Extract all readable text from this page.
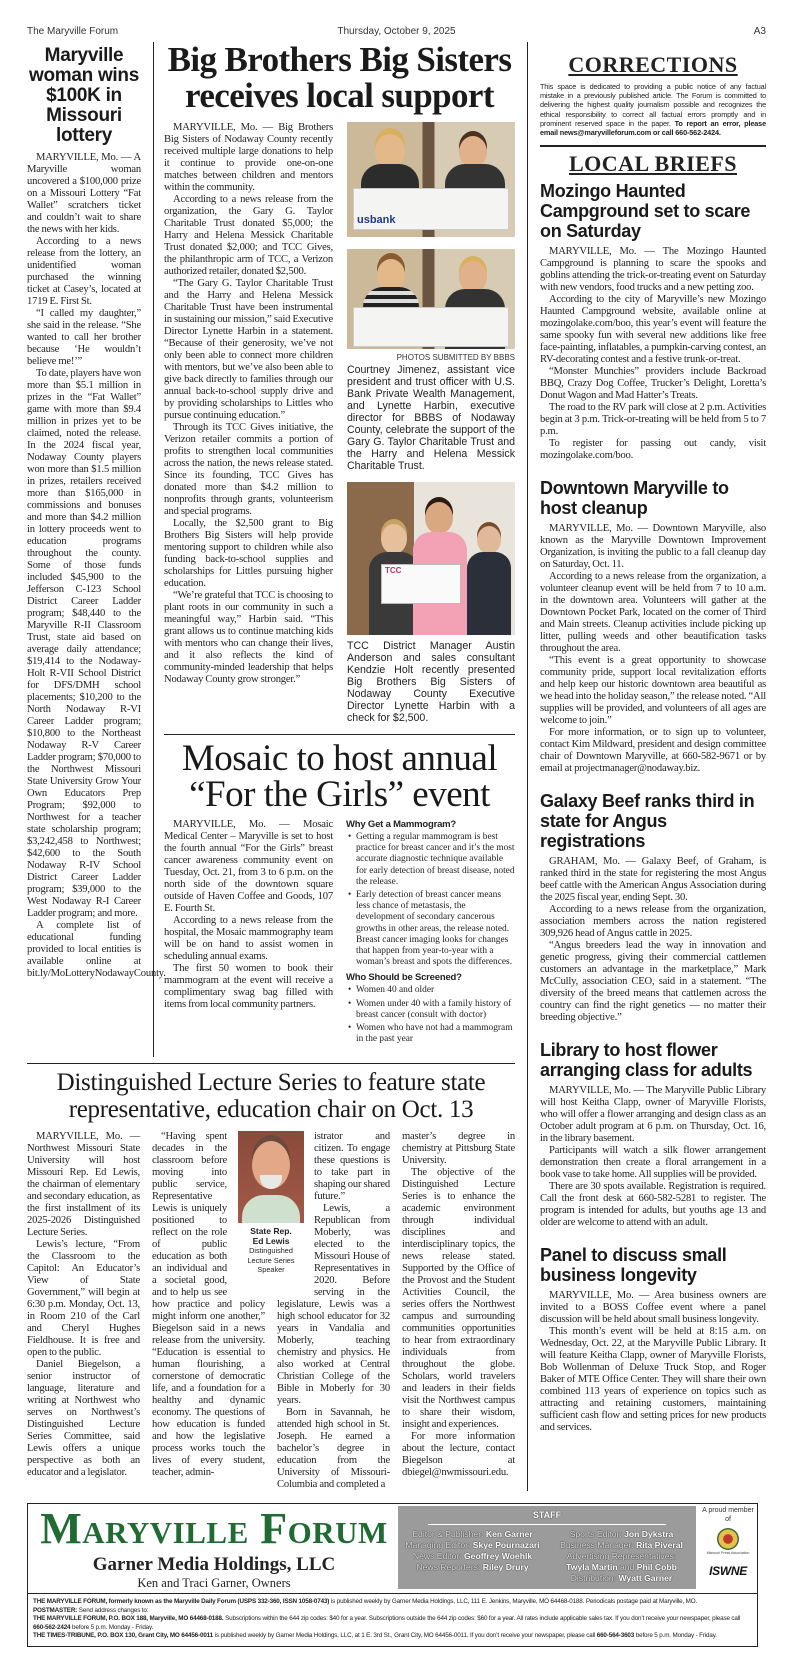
The Maryville Forum	Thursday, October 9, 2025	A3
Maryville woman wins $100K in Missouri lottery

MARYVILLE, Mo. — A Maryville woman uncovered a $100,000 prize on a Missouri Lottery “Fat Wallet” scratchers ticket and couldn’t wait to share the news with her kids.

According to a news release from the lottery, an unidentified woman purchased the winning ticket at Casey’s, located at 1719 E. First St.

“I called my daughter,” she said in the release. “She wanted to call her brother because ‘He wouldn’t believe me!’”

To date, players have won more than $5.1 million in prizes in the “Fat Wallet” game with more than $9.4 million in prizes yet to be claimed, noted the release. In the 2024 fiscal year, Nodaway County players won more than $1.5 million in prizes, retailers received more than $165,000 in commissions and bonuses and more than $4.2 million in lottery proceeds went to education programs throughout the county. Some of those funds included $45,900 to the Jefferson C-123 School District Career Ladder program; $48,440 to the Maryville R-II Classroom Trust, state aid based on average daily attendance; $19,414 to the Nodaway-Holt R-VII School District for DFS/DMH school placements; $10,200 to the North Nodaway R-VI Career Ladder program; $10,800 to the Northeast Nodaway R-V Career Ladder program; $70,000 to the Northwest Missouri State University Grow Your Own Educators Prep Program; $92,000 to Northwest for a teacher state scholarship program; $3,242,458 to Northwest; $42,600 to the South Nodaway R-IV School District Career Ladder program; $39,000 to the West Nodaway R-I Career Ladder program; and more.

A complete list of educational funding provided to local entities is available online at bit.ly/MoLotteryNodawayCounty.

Big Brothers Big Sisters
receives local support

MARYVILLE, Mo. — Big Brothers Big Sisters of Nodaway County recently received multiple large donations to help it continue to provide one-on-one matches between children and mentors within the community.

According to a news release from the organization, the Gary G. Taylor Charitable Trust donated $5,000; the Harry and Helena Messick Charitable Trust donated $2,000; and TCC Gives, the philanthropic arm of TCC, a Verizon authorized retailer, donated $2,500.

“The Gary G. Taylor Charitable Trust and the Harry and Helena Messick Charitable Trust have been instrumental in sustaining our mission,” said Executive Director Lynette Harbin in a statement. “Because of their generosity, we’ve not only been able to connect more children with mentors, but we’ve also been able to give back directly to families through our annual back-to-school supply drive and by providing scholarships to Littles who pursue continuing education.”

Through its TCC Gives initiative, the Verizon retailer commits a portion of profits to strengthen local communities across the nation, the news release stated. Since its founding, TCC Gives has donated more than $4.2 million to nonprofits through grants, volunteerism and special programs.

Locally, the $2,500 grant to Big Brothers Big Sisters will help provide mentoring support to children while also funding back-to-school supplies and scholarships for Littles pursuing higher education.

“We’re grateful that TCC is choosing to plant roots in our community in such a meaningful way,” Harbin said. “This grant allows us to continue matching kids with mentors who can change their lives, and it also reflects the kind of community-minded leadership that helps Nodaway County grow stronger.”

usbank
PHOTOS SUBMITTED BY BBBS

Courtney Jimenez, assistant vice president and trust officer with U.S. Bank Private Wealth Management, and Lynette Harbin, executive director for BBBS of Nodaway County, celebrate the support of the Gary G. Taylor Charitable Trust and the Harry and Helena Messick Charitable Trust.

TCC

TCC District Manager Austin Anderson and sales consultant Kendzie Holt recently presented Big Brothers Big Sisters of Nodaway County Executive Director Lynette Harbin with a check for $2,500.

Mosaic to host annual
“For the Girls” event

MARYVILLE, Mo. — Mosaic Medical Center – Maryville is set to host the fourth annual “For the Girls” breast cancer awareness community event on Tuesday, Oct. 21, from 3 to 6 p.m. on the north side of the downtown square outside of Haven Coffee and Goods, 107 E. Fourth St.

According to a news release from the hospital, the Mosaic mammography team will be on hand to assist women in scheduling annual exams.

The first 50 women to book their mammogram at the event will receive a complimentary swag bag filled with items from local community partners.

Why Get a Mammogram?
• Getting a regular mammogram is best practice for breast cancer and it’s the most accurate diagnostic technique available for early detection of breast disease, noted the release.
• Early detection of breast cancer means less chance of metastasis, the development of secondary cancerous growths in other areas, the release noted. Breast cancer imaging looks for changes that happen from year-to-year with a woman’s breast and spots the differences.
Who Should be Screened?
• Women 40 and older
• Women under 40 with a family history of breast cancer (consult with doctor)
• Women who have not had a mammogram in the past year
Distinguished Lecture Series to feature state representative, education chair on Oct. 13

MARYVILLE, Mo. — Northwest Missouri State University will host Missouri Rep. Ed Lewis, the chairman of elementary and secondary education, as the first installment of its 2025-2026 Distinguished Lecture Series.

Lewis’s lecture, “From the Classroom to the Capitol: An Educator’s View of State Government,” will begin at 6:30 p.m. Monday, Oct. 13, in Room 210 of the Carl and Cheryl Hughes Fieldhouse. It is free and open to the public.

Daniel Biegelson, a senior instructor of language, literature and writing at Northwest who serves on Northwest’s Distinguished Lecture Series Committee, said Lewis offers a unique perspective as both an educator and a legislator.

“Having spent decades in the classroom before moving into public service, Representative Lewis is uniquely positioned to reflect on the role of public education as both an individual and a societal good, and to help us see how practice and policy might inform one another,” Biegelson said in a news release from the university. “Education is essential to human flourishing, a cornerstone of democratic life, and a foundation for a healthy and dynamic economy. The questions of how education is funded and how the legislative process works touch the lives of every student, teacher, admin-

istrator and citizen. To engage these questions is to take part in shaping our shared future.”

Lewis, a Republican from Moberly, was elected to the Missouri House of Representatives in 2020. Before serving in the legislature, Lewis was a high school educator for 32 years in Vandalia and Moberly, teaching chemistry and physics. He also worked at Central Christian College of the Bible in Moberly for 30 years.

Born in Savannah, he attended high school in St. Joseph. He earned a bachelor’s degree in education from the University of Missouri-Columbia and completed a

master’s degree in chemistry at Pittsburg State University.

The objective of the Distinguished Lecture Series is to enhance the academic environment through individual disciplines and interdisciplinary topics, the news release stated. Supported by the Office of the Provost and the Student Activities Council, the series offers the Northwest campus and surrounding communities opportunities to hear from extraordinary individuals from throughout the globe. Scholars, world travelers and leaders in their fields visit the Northwest campus to share their wisdom, insight and experiences.

For more information about the lecture, contact Biegelson at dbiegel@nwmissouri.edu.

State Rep.
Ed Lewis
Distinguished Lecture Series Speaker
CORRECTIONS

This space is dedicated to providing a public notice of any factual mistake in a previously published article. The Forum is committed to delivering the highest quality journalism possible and recognizes the ethical responsibility to correct all factual errors promptly and in prominent reserved space in the paper. To report an error, please email news@maryvilleforum.com or call 660-562-2424.

LOCAL BRIEFS
Mozingo Haunted Campground set to scare on Saturday

MARYVILLE, Mo. — The Mozingo Haunted Campground is planning to scare the spooks and goblins attending the trick-or-treating event on Saturday with new vendors, food trucks and a new petting zoo.

According to the city of Maryville’s new Mozingo Haunted Campground website, available online at mozingolake.com/boo, this year’s event will feature the same spooky fun with several new additions like free face-painting, inflatables, a pumpkin-carving contest, an RV-decorating contest and a festive trunk-or-treat.

“Monster Munchies” providers include Backroad BBQ, Crazy Dog Coffee, Trucker’s Delight, Loretta’s Donut Wagon and Mad Hatter’s Treats.

The road to the RV park will close at 2 p.m. Activities begin at 3 p.m. Trick-or-treating will be held from 5 to 7 p.m.

To register for passing out candy, visit mozingolake.com/boo.

Downtown Maryville to host cleanup

MARYVILLE, Mo. — Downtown Maryville, also known as the Maryville Downtown Improvement Organization, is inviting the public to a fall cleanup day on Saturday, Oct. 11.

According to a news release from the organization, a volunteer cleanup event will be held from 7 to 10 a.m. in the downtown area. Volunteers will gather at the Downtown Pocket Park, located on the corner of Third and Main streets. Cleanup activities include picking up litter, pulling weeds and other beautification tasks throughout the area.

“This event is a great opportunity to showcase community pride, support local revitalization efforts and help keep our historic downtown area beautiful as we head into the holiday season,” the release noted. “All supplies will be provided, and volunteers of all ages are welcome to join.”

For more information, or to sign up to volunteer, contact Kim Mildward, president and design committee chair of Downtown Maryville, at 660-582-9671 or by email at projectmanager@nodaway.biz.

Galaxy Beef ranks third in state for Angus registrations

GRAHAM, Mo. — Galaxy Beef, of Graham, is ranked third in the state for registering the most Angus beef cattle with the American Angus Association during the 2025 fiscal year, ending Sept. 30.

According to a news release from the organization, association members across the nation registered 309,926 head of Angus cattle in 2025.

“Angus breeders lead the way in innovation and genetic progress, giving their commercial cattlemen customers an advantage in the marketplace,” Mark McCully, association CEO, said in a statement. “The diversity of the breed means that cattlemen across the country can find the right genetics — no matter their breeding objective.”

Library to host flower arranging class for adults

MARYVILLE, Mo. — The Maryville Public Library will host Keitha Clapp, owner of Maryville Florists, who will offer a flower arranging and design class as an October adult program at 6 p.m. on Thursday, Oct. 16, in the library basement.

Participants will watch a silk flower arrangement demonstration then create a floral arrangement in a book vase to take home. All supplies will be provided.

There are 30 spots available. Registration is required. Call the front desk at 660-582-5281 to register. The program is intended for adults, but youths age 13 and older are welcome to attend with an adult.

Panel to discuss small business longevity

MARYVILLE, Mo. — Area business owners are invited to a BOSS Coffee event where a panel discussion will be held about small business longevity.

This month’s event will be held at 8:15 a.m. on Wednesday, Oct. 22, at the Maryville Public Library. It will feature Keitha Clapp, owner of Maryville Florists, Bob Wollenman of Deluxe Truck Stop, and Roger Baker of MTE Office Center. They will share their own combined 113 years of experience on topics such as attracting and retaining customers, maintaining sufficient cash flow and setting prices for new products and services.

Maryville Forum
Garner Media Holdings, LLC
Ken and Traci Garner, Owners
STAFF
Editor & Publisher: Ken Garner
Managing Editor: Skye Pournazari
News Editor: Geoffrey Woehlk
News Reporters: Riley Drury
Sports Editor: Jon Dykstra
Business Manager: Rita Piveral
Advertising Representatives:
Twyla Martin and Phil Cobb
Distribution: Wyatt Garner
A proud member of
Missouri Press Association
ISWNE
THE MARYVILLE FORUM, formerly known as the Maryville Daily Forum (USPS 332-360, ISSN 1058-0743) is published weekly by Garner Media Holdings, LLC, 111 E. Jenkins, Maryville, MO 64468-0188. Periodicals postage paid at Maryville, MO.
POSTMASTER: Send address changes to:
THE MARYVILLE FORUM, P.O. BOX 188, Maryville, MO 64468-0188. Subscriptions within the 644 zip codes: $40 for a year. Subscriptions outside the 644 zip codes: $60 for a year. All rates include applicable sales tax. If you don’t receive your newspaper, please call 660-562-2424 before 5 p.m. Monday - Friday.
THE TIMES-TRIBUNE, P.O. BOX 130, Grant City, MO 64456-0011 is published weekly by Garner Media Holdings, LLC, at 1 E. 3rd St., Grant City, MO 64456-0011. If you don’t receive your newspaper, please call 660-564-3603 before 5 p.m. Monday - Friday.
